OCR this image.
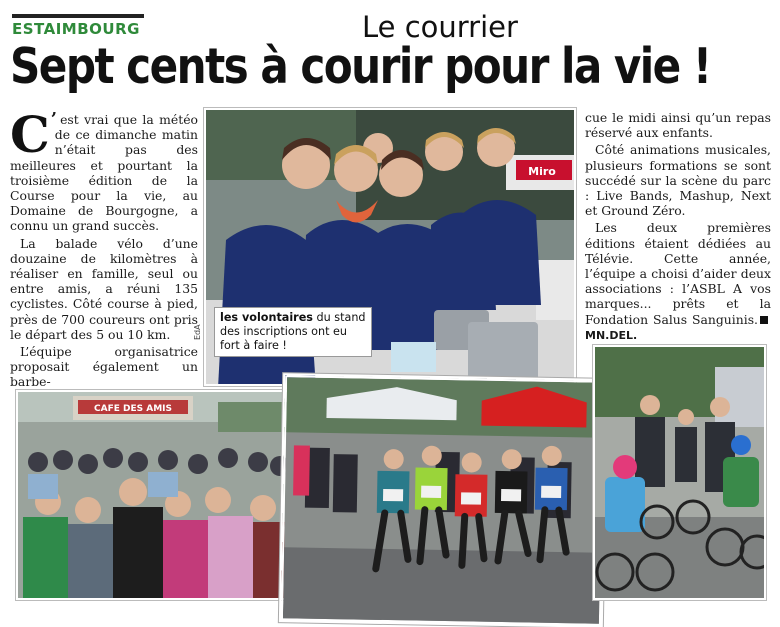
ESTAIMBOURG	Le courrier
Sept cents à courir pour la vie !

C ’ est vrai que la météo de ce dimanche matin n’était pas des meilleures et pourtant la troisième édition de la Course pour la vie, au Domaine de Bourgogne, a connu un grand succès.

La balade vélo d’une douzaine de kilomètres à réaliser en famille, seul ou entre amis, a réuni 135 cyclistes. Côté course à pied, près de 700 coureurs ont pris le départ des 5 ou 10 km.

L’équipe organisatrice proposait également un barbe-

cue le midi ainsi qu’un repas réservé aux enfants.

Côté animations musicales, plusieurs formations se sont succédé sur la scène du parc : Live Bands, Mashup, Next et Ground Zéro.

Les deux premières éditions étaient dédiées au Télévie. Cette année, l’équipe a choisi d’aider deux associations : l’ASBL A vos marques... prêts et la Fondation Salus Sanguinis.MN.DEL.

Miro
EdA
les volontaires du stand des inscriptions ont eu fort à faire !
CAFE DES AMIS
